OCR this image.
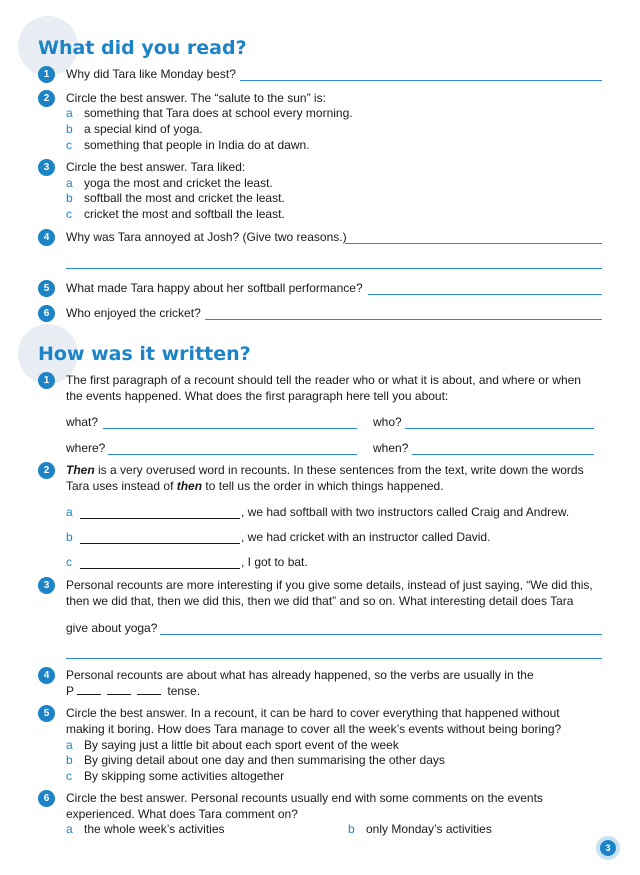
What did you read?
1	Why did Tara like Monday best?
2	Circle the best answer. The “salute to the sun” is:
a something that Tara does at school every morning.
b a special kind of yoga.
c something that people in India do at dawn.
3	Circle the best answer. Tara liked:
a yoga the most and cricket the least.
b softball the most and cricket the least.
c cricket the most and softball the least.
4	Why was Tara annoyed at Josh? (Give two reasons.)
5	What made Tara happy about her softball performance?
6	Who enjoyed the cricket?
How was it written?
1	The first paragraph of a recount should tell the reader who or what it is about, and where or when
the events happened. What does the first paragraph here tell you about:
what?	who?
where?	when?
2	Then is a very overused word in recounts. In these sentences from the text, write down the words
Tara uses instead of then to tell us the order in which things happened.
a	, we had softball with two instructors called Craig and Andrew.
b	, we had cricket with an instructor called David.
c	, I got to bat.
3	Personal recounts are more interesting if you give some details, instead of just saying, “We did this,
then we did that, then we did this, then we did that” and so on. What interesting detail does Tara
give about yoga?
4	Personal recounts are about what has already happened, so the verbs are usually in the
P	tense.
5	Circle the best answer. In a recount, it can be hard to cover everything that happened without
making it boring. How does Tara manage to cover all the week’s events without being boring?
a By saying just a little bit about each sport event of the week
b By giving detail about one day and then summarising the other days
c By skipping some activities altogether
6	Circle the best answer. Personal recounts usually end with some comments on the events
experienced. What does Tara comment on?
a the whole week’s activities	b only Monday’s activities
3
